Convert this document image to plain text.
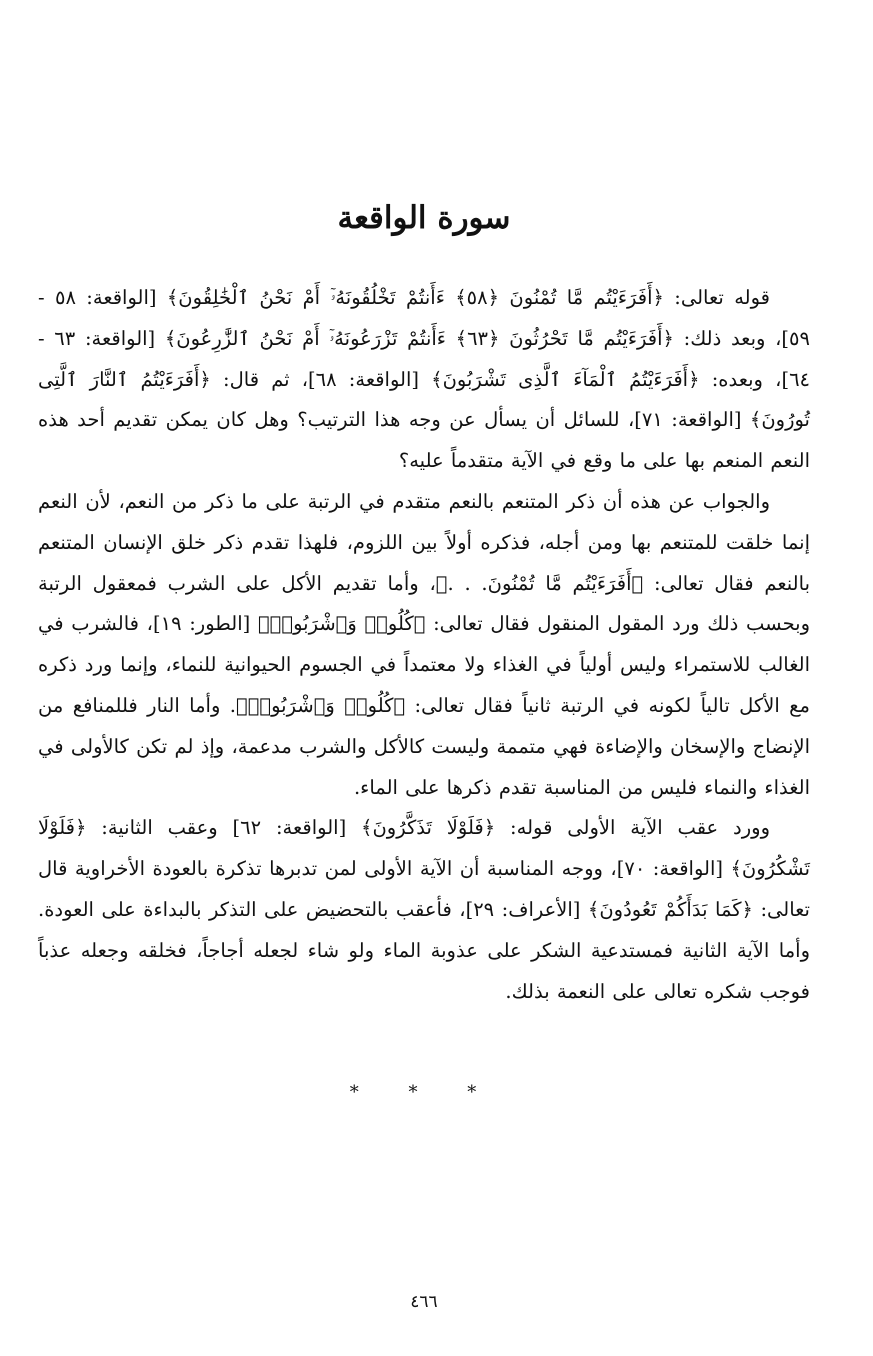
سورة الواقعة

قوله تعالى: ﴿أَفَرَءَيْتُم مَّا تُمْنُونَ ﴿٥٨﴾ ءَأَنتُمْ تَخْلُقُونَهُۥٓ أَمْ نَحْنُ ٱلْخَٰلِقُونَ﴾ [الواقعة: ٥٨ - ٥٩]، وبعد ذلك: ﴿أَفَرَءَيْتُم مَّا تَحْرُثُونَ ﴿٦٣﴾ ءَأَنتُمْ تَزْرَعُونَهُۥٓ أَمْ نَحْنُ ٱلزَّٰرِعُونَ﴾ [الواقعة: ٦٣ - ٦٤]، وبعده: ﴿أَفَرَءَيْتُمُ ٱلْمَآءَ ٱلَّذِى تَشْرَبُونَ﴾ [الواقعة: ٦٨]، ثم قال: ﴿أَفَرَءَيْتُمُ ٱلنَّارَ ٱلَّتِى تُورُونَ﴾ [الواقعة: ٧١]، للسائل أن يسأل عن وجه هذا الترتيب؟ وهل كان يمكن تقديم أحد هذه النعم المنعم بها على ما وقع في الآية متقدماً عليه؟

والجواب عن هذه أن ذكر المتنعم بالنعم متقدم في الرتبة على ما ذكر من النعم، لأن النعم إنما خلقت للمتنعم بها ومن أجله، فذكره أولاً بين اللزوم، فلهذا تقدم ذكر خلق الإنسان المتنعم بالنعم فقال تعالى: ﴿أَفَرَءَيْتُم مَّا تُمْنُونَ. . .﴾، وأما تقديم الأكل على الشرب فمعقول الرتبة وبحسب ذلك ورد المقول المنقول فقال تعالى: ﴿كُلُوا۟ وَٱشْرَبُوا۟﴾ [الطور: ١٩]، فالشرب في الغالب للاستمراء وليس أولياً في الغذاء ولا معتمداً في الجسوم الحيوانية للنماء، وإنما ورد ذكره مع الأكل تالياً لكونه في الرتبة ثانياً فقال تعالى: ﴿كُلُوا۟ وَٱشْرَبُوا۟﴾. وأما النار فللمنافع من الإنضاج والإسخان والإضاءة فهي متممة وليست كالأكل والشرب مدعمة، وإذ لم تكن كالأولى في الغذاء والنماء فليس من المناسبة تقدم ذكرها على الماء.

وورد عقب الآية الأولى قوله: ﴿فَلَوْلَا تَذَكَّرُونَ﴾ [الواقعة: ٦٢] وعقب الثانية: ﴿فَلَوْلَا تَشْكُرُونَ﴾ [الواقعة: ٧٠]، ووجه المناسبة أن الآية الأولى لمن تدبرها تذكرة بالعودة الأخراوية قال تعالى: ﴿كَمَا بَدَأَكُمْ تَعُودُونَ﴾ [الأعراف: ٢٩]، فأعقب بالتحضيض على التذكر بالبداءة على العودة. وأما الآية الثانية فمستدعية الشكر على عذوبة الماء ولو شاء لجعله أجاجاً، فخلقه وجعله عذباً فوجب شكره تعالى على النعمة بذلك.

* * *
٤٦٦
